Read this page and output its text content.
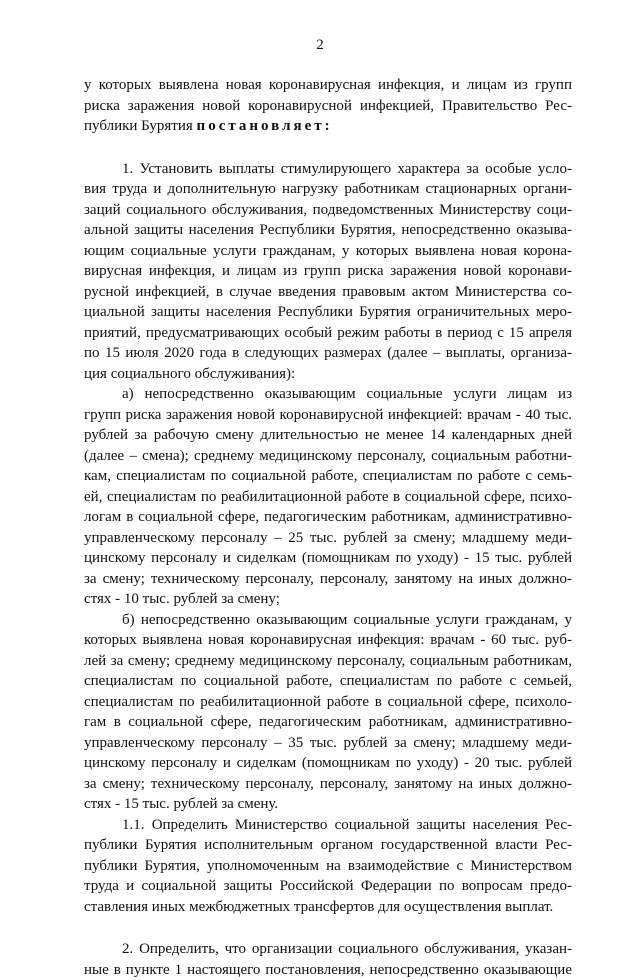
2
у которых выявлена новая коронавирусная инфекция, и лицам из групп
риска заражения новой коронавирусной инфекцией, Правительство Рес-
публики Бурятия постановляет:
1. Установить выплаты стимулирующего характера за особые усло-
вия труда и дополнительную нагрузку работникам стационарных органи-
заций социального обслуживания, подведомственных Министерству соци-
альной защиты населения Республики Бурятия, непосредственно оказыва-
ющим социальные услуги гражданам, у которых выявлена новая корона-
вирусная инфекция, и лицам из групп риска заражения новой коронави-
русной инфекцией, в случае введения правовым актом Министерства со-
циальной защиты населения Республики Бурятия ограничительных меро-
приятий, предусматривающих особый режим работы в период с 15 апреля
по 15 июля 2020 года в следующих размерах (далее – выплаты, организа-
ция социального обслуживания):
а) непосредственно оказывающим социальные услуги лицам из
групп риска заражения новой коронавирусной инфекцией: врачам - 40 тыс.
рублей за рабочую смену длительностью не менее 14 календарных дней
(далее – смена); среднему медицинскому персоналу, социальным работни-
кам, специалистам по социальной работе, специалистам по работе с семь-
ей, специалистам по реабилитационной работе в социальной сфере, психо-
логам в социальной сфере, педагогическим работникам, административно-
управленческому персоналу – 25 тыс. рублей за смену; младшему меди-
цинскому персоналу и сиделкам (помощникам по уходу) - 15 тыс. рублей
за смену; техническому персоналу, персоналу, занятому на иных должно-
стях - 10 тыс. рублей за смену;
б) непосредственно оказывающим социальные услуги гражданам, у
которых выявлена новая коронавирусная инфекция: врачам - 60 тыс. руб-
лей за смену; среднему медицинскому персоналу, социальным работникам,
специалистам по социальной работе, специалистам по работе с семьей,
специалистам по реабилитационной работе в социальной сфере, психоло-
гам в социальной сфере, педагогическим работникам, административно-
управленческому персоналу – 35 тыс. рублей за смену; младшему меди-
цинскому персоналу и сиделкам (помощникам по уходу) - 20 тыс. рублей
за смену; техническому персоналу, персоналу, занятому на иных должно-
стях - 15 тыс. рублей за смену.
1.1. Определить Министерство социальной защиты населения Рес-
публики Бурятия исполнительным органом государственной власти Рес-
публики Бурятия, уполномоченным на взаимодействие с Министерством
труда и социальной защиты Российской Федерации по вопросам предо-
ставления иных межбюджетных трансфертов для осуществления выплат.
2. Определить, что организации социального обслуживания, указан-
ные в пункте 1 настоящего постановления, непосредственно оказывающие
